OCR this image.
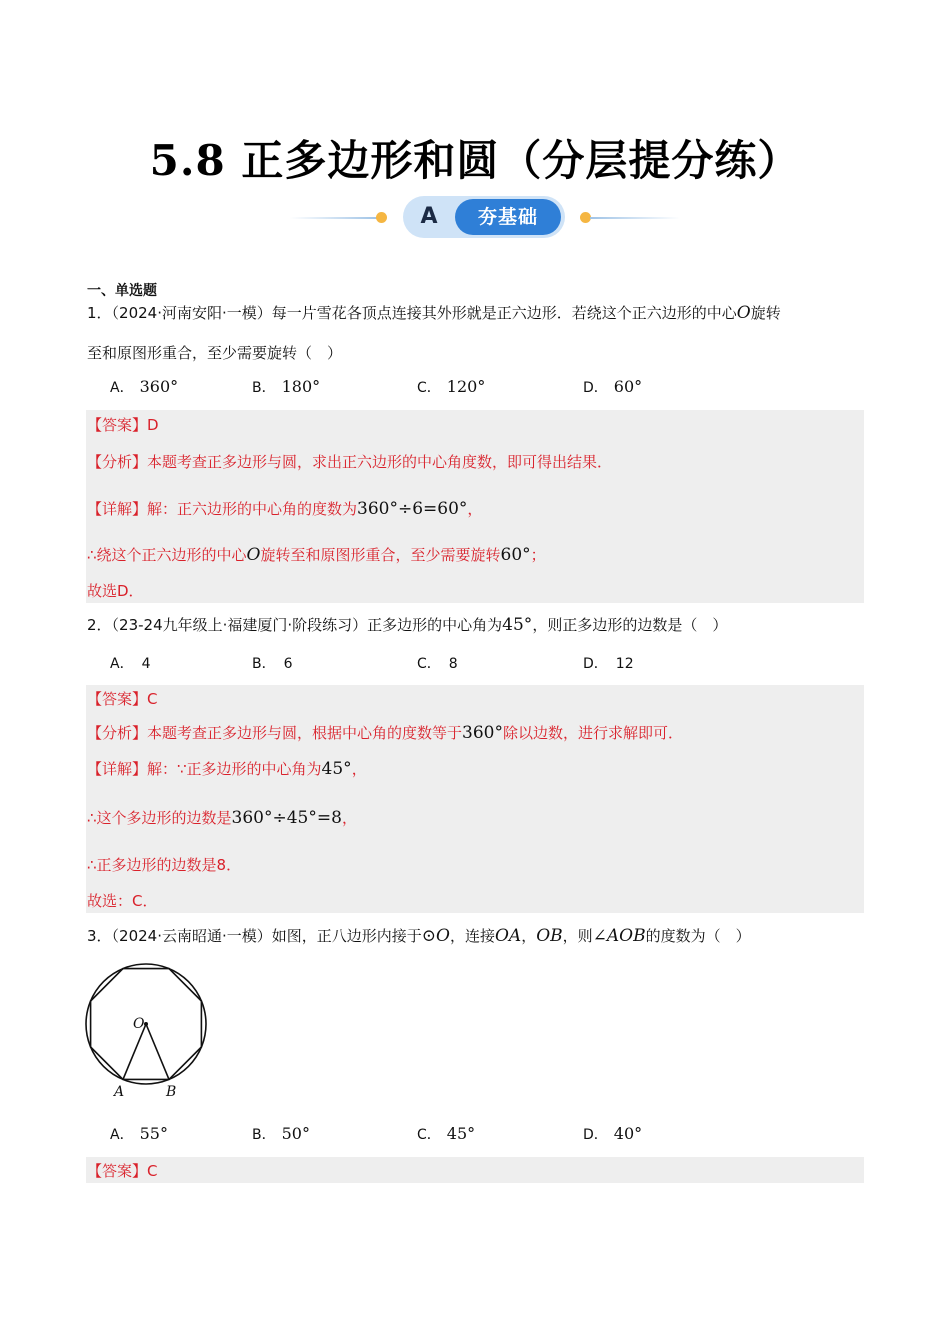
5.8 正多边形和圆（分层提分练）
A	夯基础
一、单选题
1．（2024·河南安阳·一模）每一片雪花各顶点连接其外形就是正六边形．若绕这个正六边形的中心O旋转
至和原图形重合，至少需要旋转（　）
A． 360°	B． 180°	C． 120°	D． 60°
【答案】D
【分析】本题考查正多边形与圆，求出正六边形的中心角度数，即可得出结果．
【详解】解：正六边形的中心角的度数为360°÷6=60°，
∴绕这个正六边形的中心O旋转至和原图形重合，至少需要旋转60°；
故选D．
2．（23-24九年级上·福建厦门·阶段练习）正多边形的中心角为45°，则正多边形的边数是（　）
A． 4	B． 6	C． 8	D． 12
【答案】C
【分析】本题考查正多边形与圆，根据中心角的度数等于360°除以边数，进行求解即可．
【详解】解：∵正多边形的中心角为45°，
∴这个多边形的边数是360°÷45°=8，
∴正多边形的边数是8．
故选：C．
3．（2024·云南昭通·一模）如图，正八边形内接于⊙O，连接OA，OB，则∠AOB的度数为（　）
O
A	B
A． 55°	B． 50°	C． 45°	D． 40°
【答案】C
